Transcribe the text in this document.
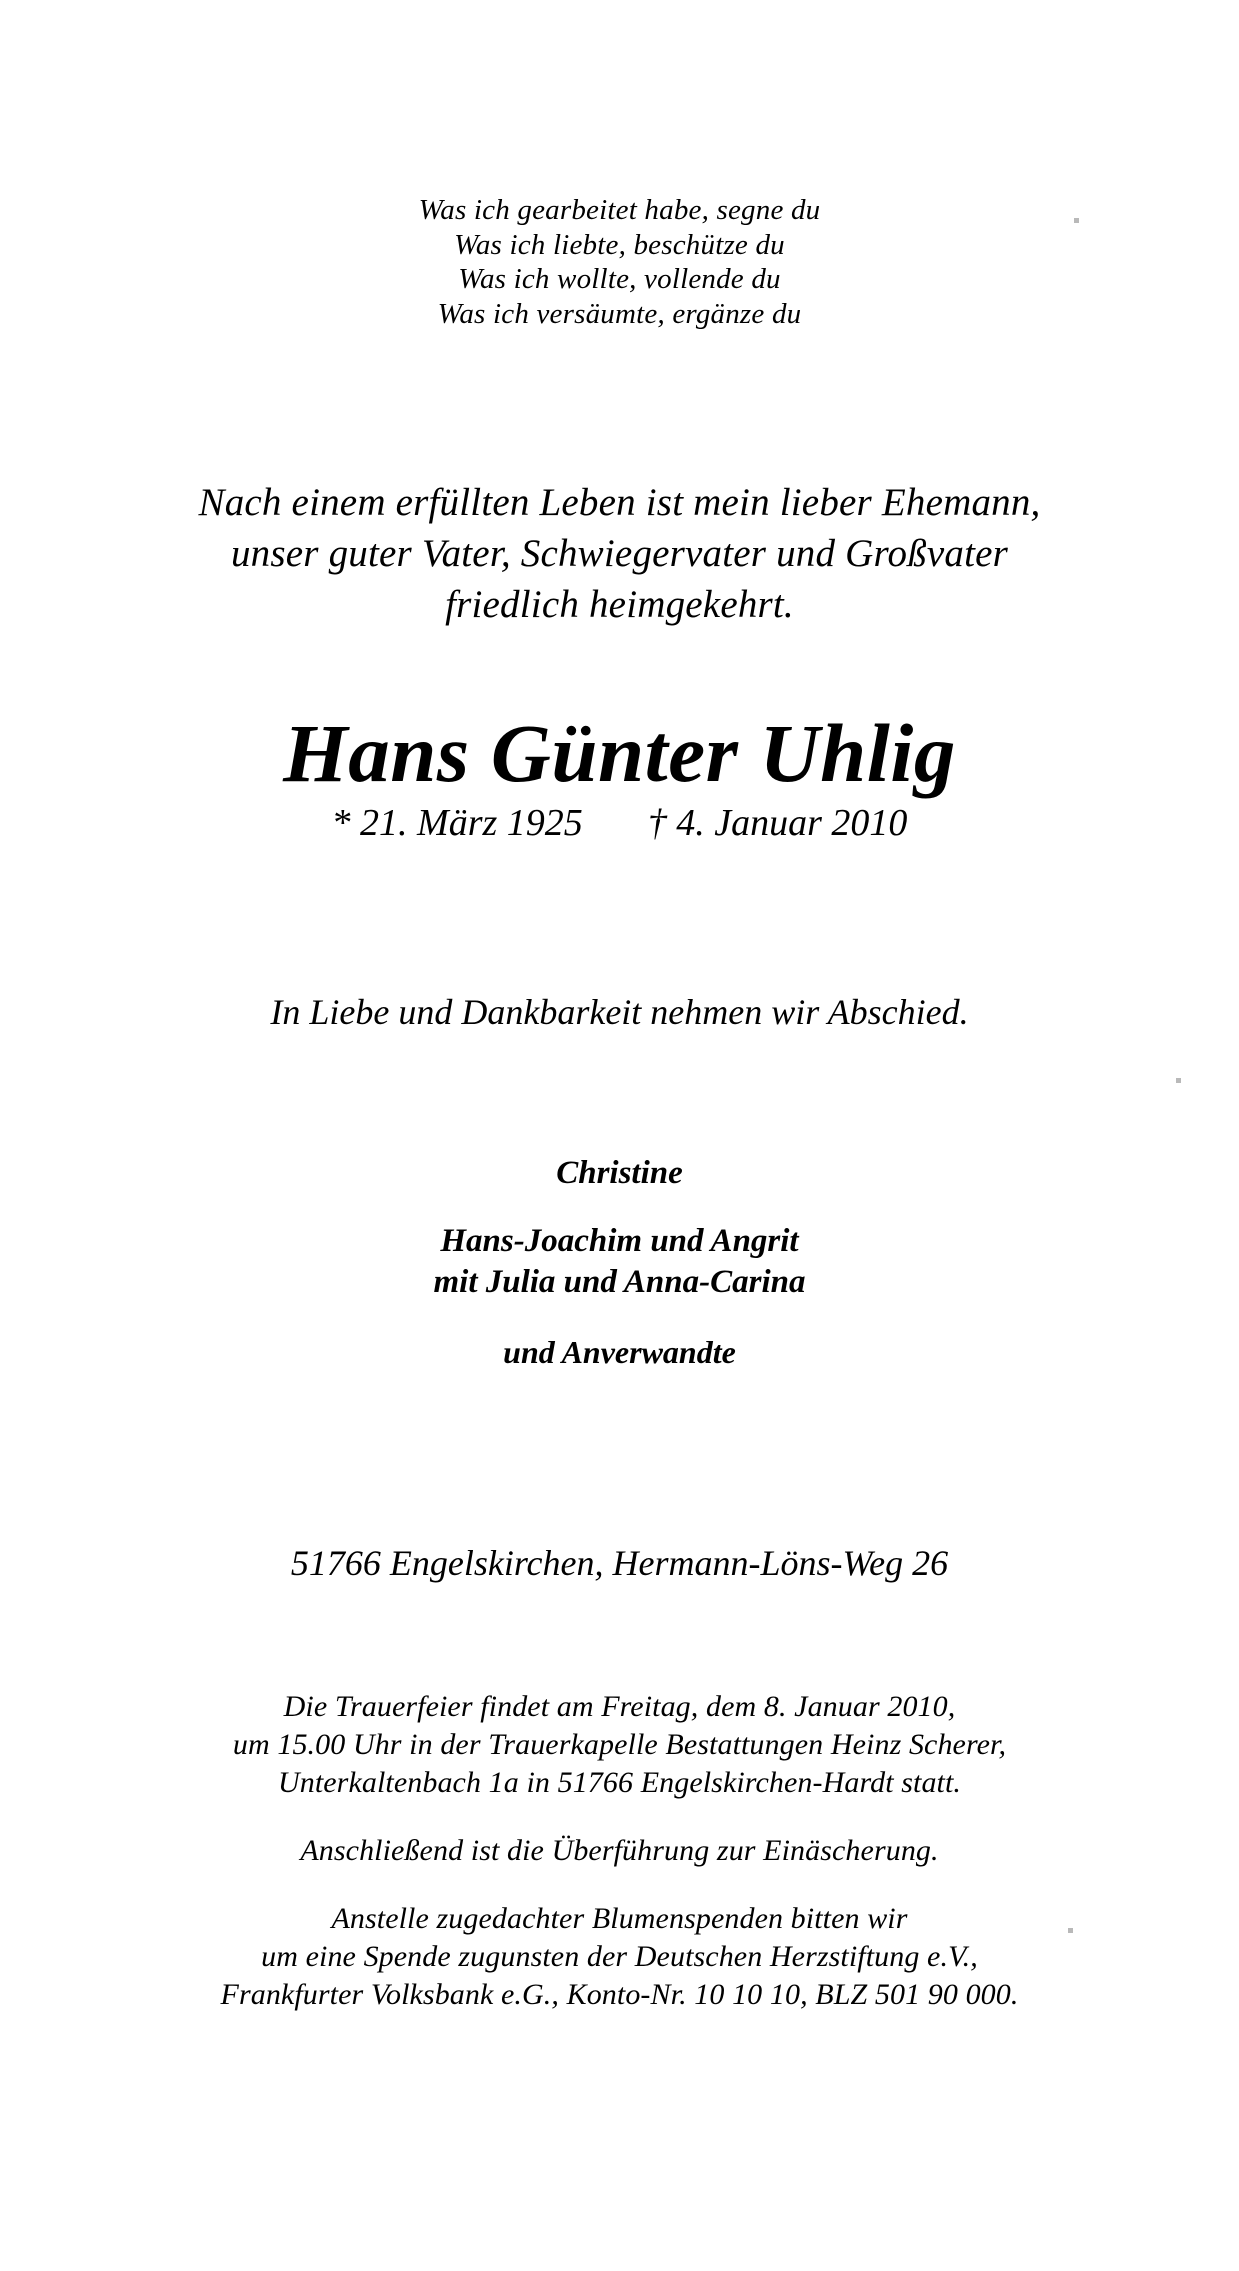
Was ich gearbeitet habe, segne du
Was ich liebte, beschütze du
Was ich wollte, vollende du
Was ich versäumte, ergänze du
Nach einem erfüllten Leben ist mein lieber Ehemann,
unser guter Vater, Schwiegervater und Großvater
friedlich heimgekehrt.
Hans Günter Uhlig
* 21. März 1925 † 4. Januar 2010
In Liebe und Dankbarkeit nehmen wir Abschied.
Christine
Hans-Joachim und Angrit
mit Julia und Anna-Carina
und Anverwandte
51766 Engelskirchen, Hermann-Löns-Weg 26
Die Trauerfeier findet am Freitag, dem 8. Januar 2010,
um 15.00 Uhr in der Trauerkapelle Bestattungen Heinz Scherer,
Unterkaltenbach 1a in 51766 Engelskirchen-Hardt statt.
Anschließend ist die Überführung zur Einäscherung.
Anstelle zugedachter Blumenspenden bitten wir
um eine Spende zugunsten der Deutschen Herzstiftung e.V.,
Frankfurter Volksbank e.G., Konto-Nr. 10 10 10, BLZ 501 90 000.
